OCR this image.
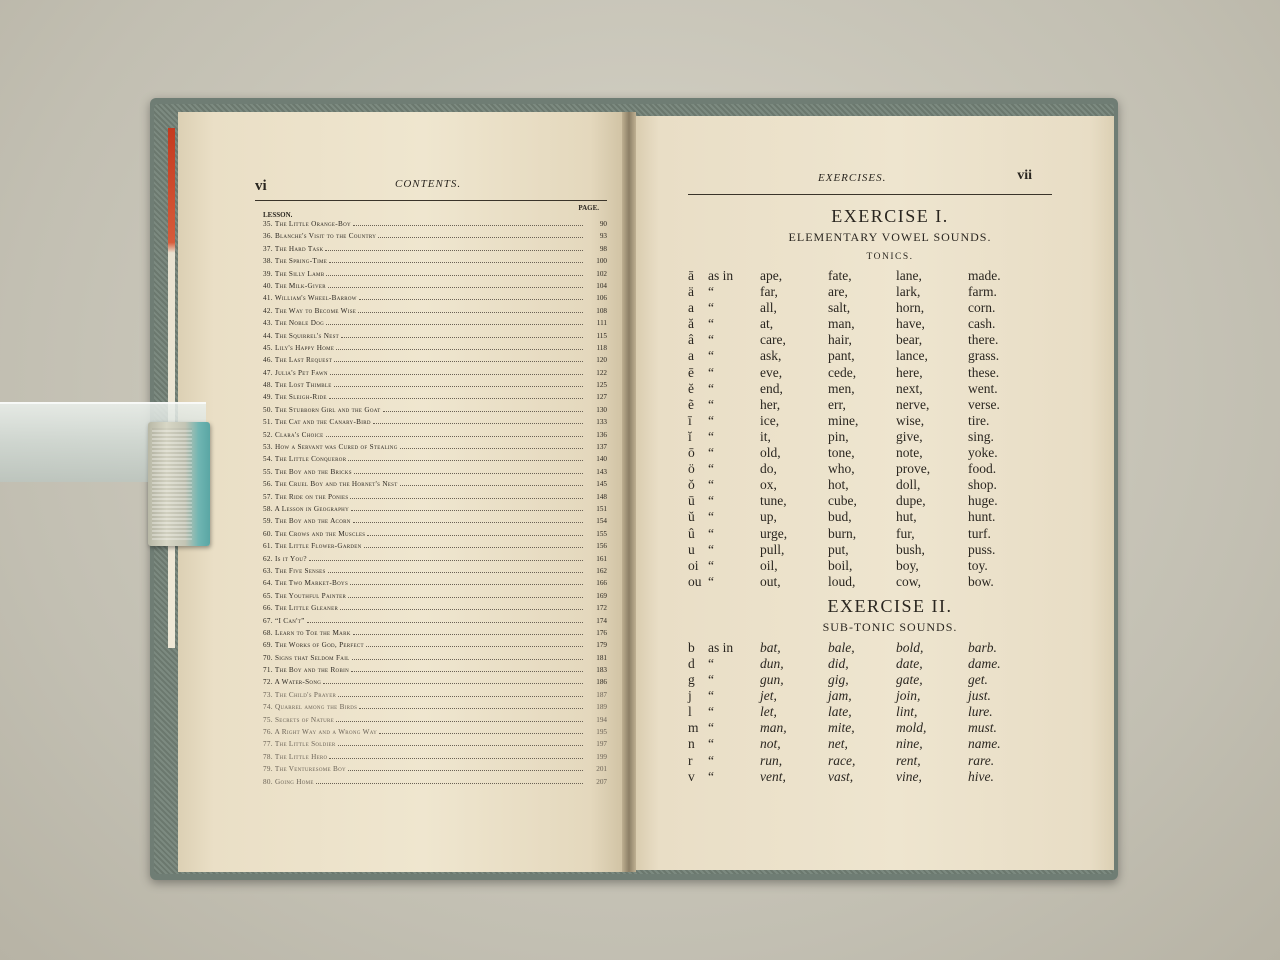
vi	CONTENTS.
LESSON.
PAGE.
35. The Little Orange-Boy	90
36. Blanche's Visit to the Country	93
37. The Hard Task	98
38. The Spring-Time	100
39. The Silly Lamb	102
40. The Milk-Giver	104
41. William's Wheel-Barrow	106
42. The Way to Become Wise	108
43. The Noble Dog	111
44. The Squirrel's Nest	115
45. Lily's Happy Home	118
46. The Last Request	120
47. Julia's Pet Fawn	122
48. The Lost Thimble	125
49. The Sleigh-Ride	127
50. The Stubborn Girl and the Goat	130
51. The Cat and the Canary-Bird	133
52. Clara's Choice	136
53. How a Servant was Cured of Stealing	137
54. The Little Conqueror	140
55. The Boy and the Bricks	143
56. The Cruel Boy and the Hornet's Nest	145
57. The Ride on the Ponies	148
58. A Lesson in Geography	151
59. The Boy and the Acorn	154
60. The Crows and the Muscles	155
61. The Little Flower-Garden	156
62. Is it You?	161
63. The Five Senses	162
64. The Two Market-Boys	166
65. The Youthful Painter	169
66. The Little Gleaner	172
67. “I Can't”	174
68. Learn to Toe the Mark	176
69. The Works of God, Perfect	179
70. Signs that Seldom Fail	181
71. The Boy and the Robin	183
72. A Water-Song	186
73. The Child's Prayer	187
74. Quarrel among the Birds	189
75. Secrets of Nature	194
76. A Right Way and a Wrong Way	195
77. The Little Soldier	197
78. The Little Hero	199
79. The Venturesome Boy	201
80. Going Home	207
EXERCISES.	vii
EXERCISE I.
ELEMENTARY VOWEL SOUNDS.
TONICS.
ā	as in	ape,	fate,	lane,	made.
ä	“	far,	are,	lark,	farm.
a	“	all,	salt,	horn,	corn.
ă	“	at,	man,	have,	cash.
â	“	care,	hair,	bear,	there.
a	“	ask,	pant,	lance,	grass.
ē	“	eve,	cede,	here,	these.
ĕ	“	end,	men,	next,	went.
ẽ	“	her,	err,	nerve,	verse.
ī	“	ice,	mine,	wise,	tire.
ĭ	“	it,	pin,	give,	sing.
ō “	old,	tone,	note,	yoke.
ö “	do,	who,	prove,	food.
ŏ “	ox,	hot,	doll,	shop.
ū “	tune,	cube,	dupe,	huge.
ŭ “	up,	bud,	hut,	hunt.
û “	urge,	burn,	fur,	turf.
u “	pull,	put,	bush,	puss.
oi “	oil,	boil,	boy,	toy.
ou “	out,	loud,	cow,	bow.
EXERCISE II.
SUB-TONIC SOUNDS.
b as in	bat,	bale,	bold,	barb.
d “	dun,	did,	date,	dame.
g “	gun,	gig,	gate,	get.
j	“	jet,	jam,	join,	just.
l	“	let,	late,	lint,	lure.
m “	man,	mite,	mold,	must.
n “	not,	net,	nine,	name.
r	“	run,	race,	rent,	rare.
v “	vent,	vast,	vine,	hive.
